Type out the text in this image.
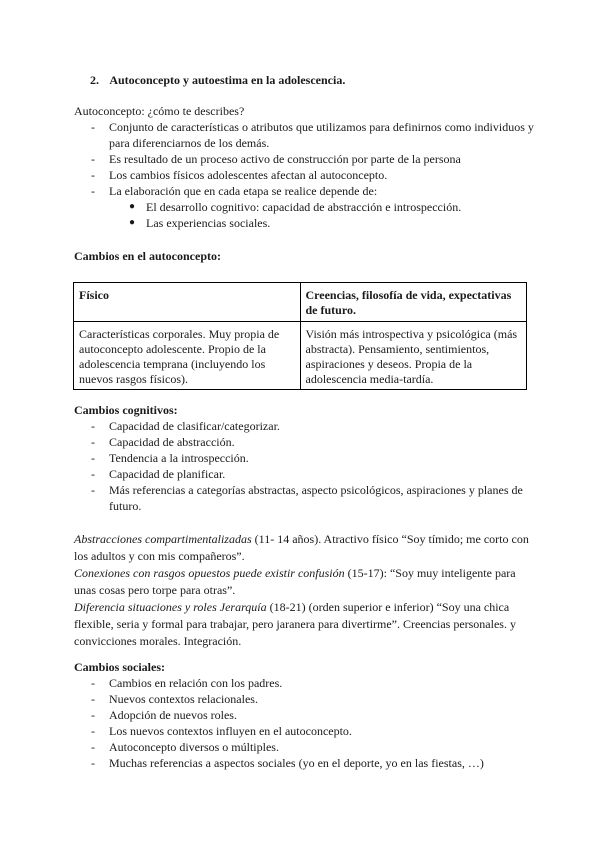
2. Autoconcepto y autoestima en la adolescencia.
Autoconcepto: ¿cómo te describes?
- Conjunto de características o atributos que utilizamos para definirnos como individuos y para diferenciarnos de los demás.
- Es resultado de un proceso activo de construcción por parte de la persona
- Los cambios físicos adolescentes afectan al autoconcepto.
- La elaboración que en cada etapa se realice depende de:
● El desarrollo cognitivo: capacidad de abstracción e introspección.
● Las experiencias sociales.
Cambios en el autoconcepto:
Físico	Creencias, filosofía de vida, expectativas de futuro.
Características corporales. Muy propia de autoconcepto adolescente. Propio de la adolescencia temprana (incluyendo los nuevos rasgos físicos).	Visión más introspectiva y psicológica (más abstracta). Pensamiento, sentimientos, aspiraciones y deseos. Propia de la adolescencia media-tardía.
Cambios cognitivos:
- Capacidad de clasificar/categorizar.
- Capacidad de abstracción.
- Tendencia a la introspección.
- Capacidad de planificar.
- Más referencias a categorías abstractas, aspecto psicológicos, aspiraciones y planes de futuro.
Abstracciones compartimentalizadas (11- 14 años). Atractivo físico “Soy tímido; me corto con los adultos y con mis compañeros”.
Conexiones con rasgos opuestos puede existir confusión (15-17): “Soy muy inteligente para unas cosas pero torpe para otras”.
Diferencia situaciones y roles Jerarquía (18-21) (orden superior e inferior) “Soy una chica flexible, seria y formal para trabajar, pero jaranera para divertirme”. Creencias personales. y convicciones morales. Integración.
Cambios sociales:
- Cambios en relación con los padres.
- Nuevos contextos relacionales.
- Adopción de nuevos roles.
- Los nuevos contextos influyen en el autoconcepto.
- Autoconcepto diversos o múltiples.
- Muchas referencias a aspectos sociales (yo en el deporte, yo en las fiestas, …)
